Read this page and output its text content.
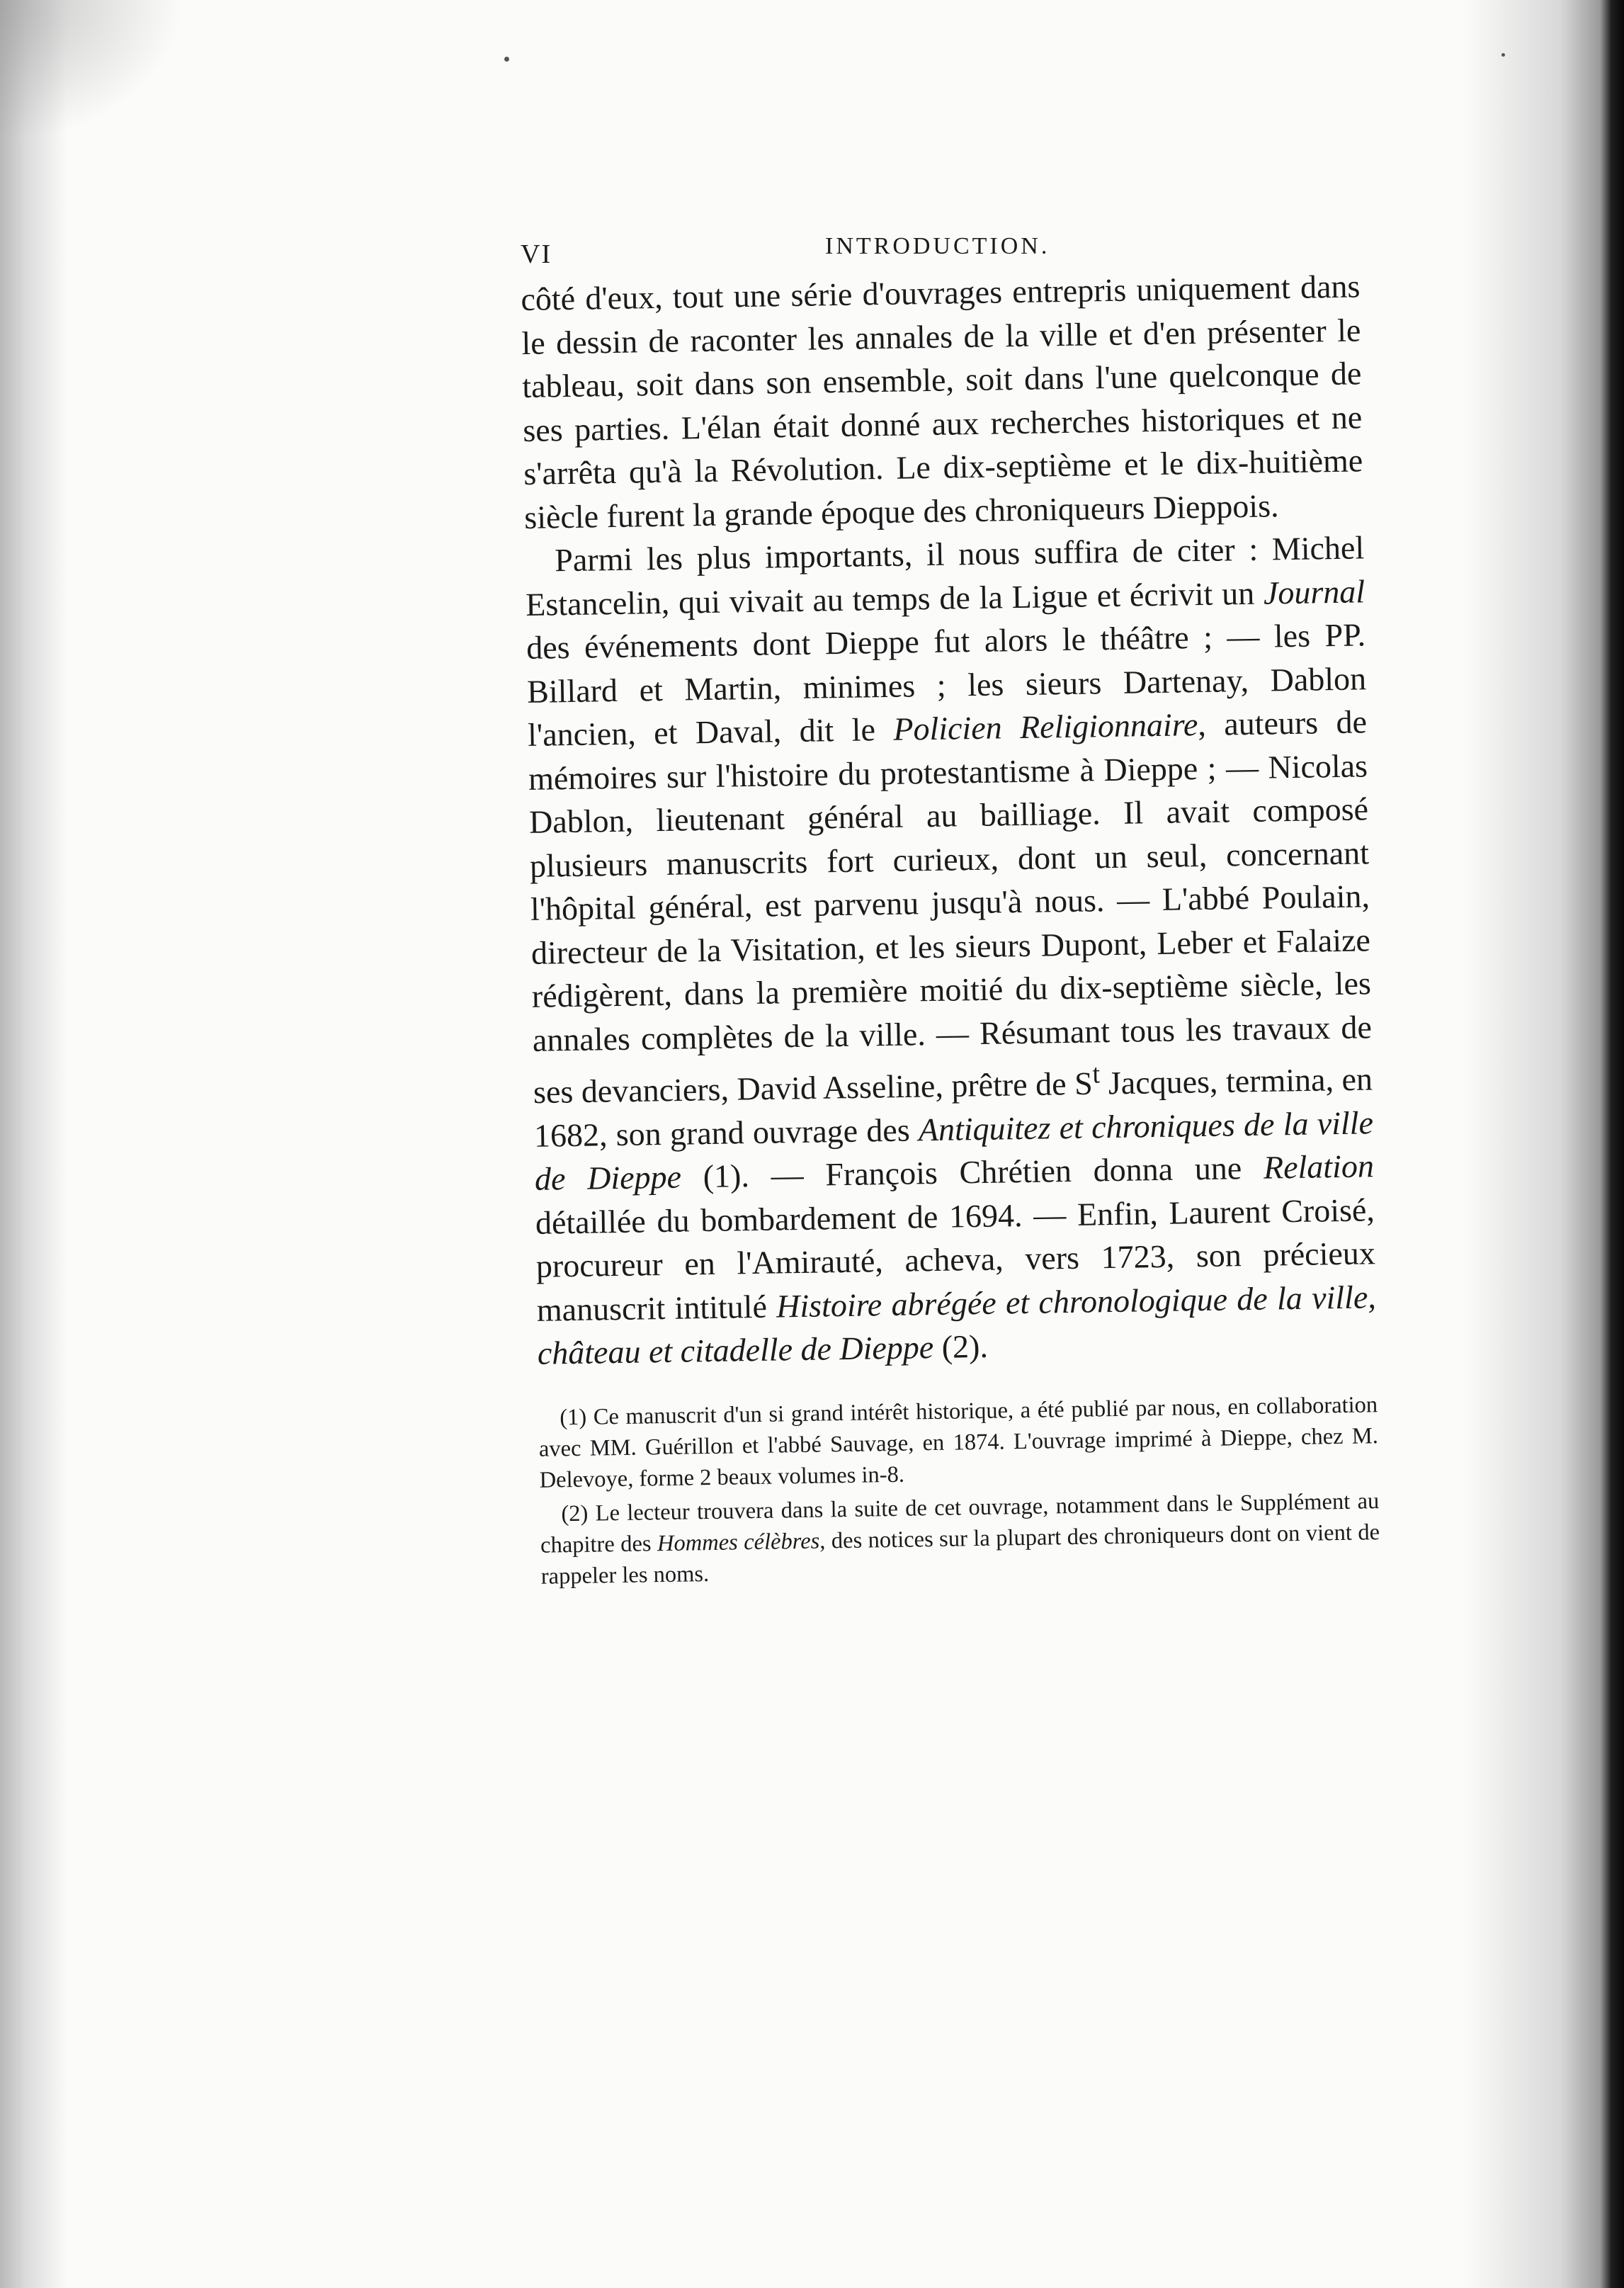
VI	INTRODUCTION.

côté d'eux, tout une série d'ouvrages entrepris uniquement dans le dessin de raconter les annales de la ville et d'en présenter le tableau, soit dans son ensemble, soit dans l'une quelconque de ses parties. L'élan était donné aux recherches historiques et ne s'arrêta qu'à la Révolution. Le dix-septième et le dix-huitième siècle furent la grande époque des chroniqueurs Dieppois.

Parmi les plus importants, il nous suffira de citer : Michel Estancelin, qui vivait au temps de la Ligue et écrivit un Journal des événements dont Dieppe fut alors le théâtre ; — les PP. Billard et Martin, minimes ; les sieurs Dartenay, Dablon l'ancien, et Daval, dit le Policien Religionnaire, auteurs de mémoires sur l'histoire du protestantisme à Dieppe ; — Nicolas Dablon, lieutenant général au bailliage. Il avait composé plusieurs manuscrits fort curieux, dont un seul, concernant l'hôpital général, est parvenu jusqu'à nous. — L'abbé Poulain, directeur de la Visitation, et les sieurs Dupont, Leber et Falaize rédigèrent, dans la première moitié du dix-septième siècle, les annales complètes de la ville. — Résumant tous les travaux de ses devanciers, David Asseline, prêtre de $S^t$ Jacques, termina, en 1682, son grand ouvrage des Antiquitez et chroniques de la ville de Dieppe (1). — François Chrétien donna une Relation détaillée du bombardement de 1694. — Enfin, Laurent Croisé, procureur en l'Amirauté, acheva, vers 1723, son précieux manuscrit intitulé Histoire abrégée et chronologique de la ville, château et citadelle de Dieppe (2).

(1) Ce manuscrit d'un si grand intérêt historique, a été publié par nous, en collaboration avec MM. Guérillon et l'abbé Sauvage, en 1874. L'ouvrage imprimé à Dieppe, chez M. Delevoye, forme 2 beaux volumes in-8.

(2) Le lecteur trouvera dans la suite de cet ouvrage, notamment dans le Supplément au chapitre des Hommes célèbres, des notices sur la plupart des chroniqueurs dont on vient de rappeler les noms.
